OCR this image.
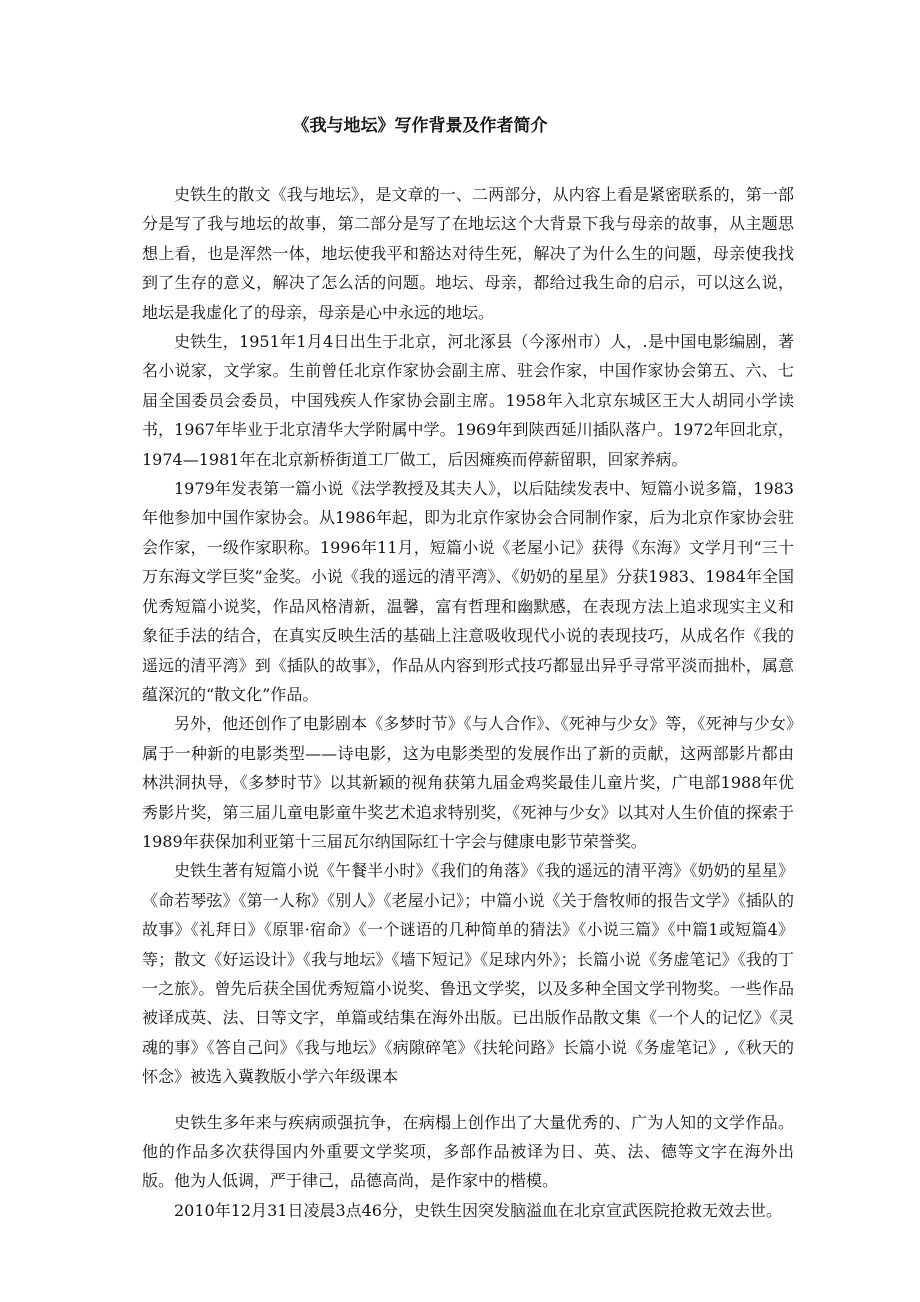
《我与地坛》写作背景及作者简介

史铁生的散文《我与地坛》，是文章的一、二两部分，从内容上看是紧密联系的，第一部分是写了我与地坛的故事，第二部分是写了在地坛这个大背景下我与母亲的故事，从主题思想上看，也是浑然一体，地坛使我平和豁达对待生死，解决了为什么生的问题，母亲使我找到了生存的意义，解决了怎么活的问题。地坛、母亲，都给过我生命的启示，可以这么说，地坛是我虚化了的母亲，母亲是心中永远的地坛。

史铁生，1951年1月4日出生于北京，河北涿县（今涿州市）人，.是中国电影编剧，著名小说家，文学家。生前曾任北京作家协会副主席、驻会作家，中国作家协会第五、六、七届全国委员会委员，中国残疾人作家协会副主席。1958年入北京东城区王大人胡同小学读书，1967年毕业于北京清华大学附属中学。1969年到陕西延川插队落户。1972年回北京，1974—1981年在北京新桥街道工厂做工，后因瘫痪而停薪留职，回家养病。

1979年发表第一篇小说《法学教授及其夫人》，以后陆续发表中、短篇小说多篇，1983年他参加中国作家协会。从1986年起，即为北京作家协会合同制作家，后为北京作家协会驻会作家，一级作家职称。1996年11月，短篇小说《老屋小记》获得《东海》文学月刊“三十万东海文学巨奖”金奖。小说《我的遥远的清平湾》、《奶奶的星星》分获1983、1984年全国优秀短篇小说奖，作品风格清新，温馨，富有哲理和幽默感，在表现方法上追求现实主义和象征手法的结合，在真实反映生活的基础上注意吸收现代小说的表现技巧，从成名作《我的遥远的清平湾》到《插队的故事》，作品从内容到形式技巧都显出异乎寻常平淡而拙朴，属意蕴深沉的“散文化”作品。

另外，他还创作了电影剧本《多梦时节》《与人合作》、《死神与少女》等，《死神与少女》属于一种新的电影类型——诗电影，这为电影类型的发展作出了新的贡献，这两部影片都由林洪洞执导，《多梦时节》以其新颖的视角获第九届金鸡奖最佳儿童片奖，广电部1988年优秀影片奖，第三届儿童电影童牛奖艺术追求特别奖，《死神与少女》以其对人生价值的探索于1989年获保加利亚第十三届瓦尔纳国际红十字会与健康电影节荣誉奖。

史铁生著有短篇小说《午餐半小时》《我们的角落》《我的遥远的清平湾》《奶奶的星星》《命若琴弦》《第一人称》《别人》《老屋小记》；中篇小说《关于詹牧师的报告文学》《插队的故事》《礼拜日》《原罪·宿命》《一个谜语的几种简单的猜法》《小说三篇》《中篇1或短篇4》等；散文《好运设计》《我与地坛》《墙下短记》《足球内外》；长篇小说《务虚笔记》《我的丁一之旅》。曾先后获全国优秀短篇小说奖、鲁迅文学奖，以及多种全国文学刊物奖。一些作品被译成英、法、日等文字，单篇或结集在海外出版。已出版作品散文集《一个人的记忆》《灵魂的事》《答自己问》《我与地坛》《病隙碎笔》《扶轮问路》长篇小说《务虚笔记》,《秋天的怀念》被选入冀教版小学六年级课本

史铁生多年来与疾病顽强抗争，在病榻上创作出了大量优秀的、广为人知的文学作品。他的作品多次获得国内外重要文学奖项，多部作品被译为日、英、法、德等文字在海外出版。他为人低调，严于律己，品德高尚，是作家中的楷模。

2010年12月31日凌晨3点46分，史铁生因突发脑溢血在北京宣武医院抢救无效去世。
